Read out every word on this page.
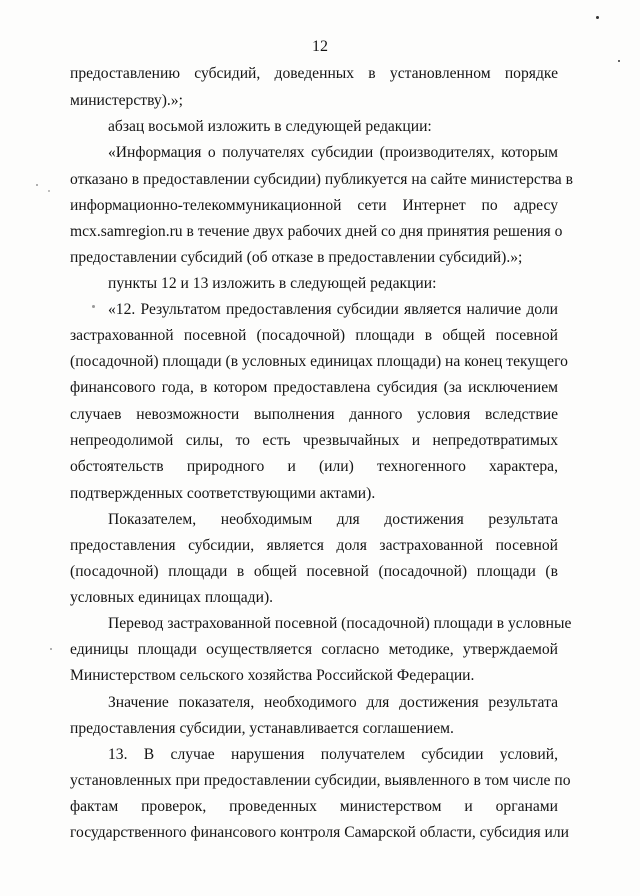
12
предоставлению субсидий, доведенных в установленном порядке
министерству).»;
абзац восьмой изложить в следующей редакции:
«Информация о получателях субсидии (производителях, которым
отказано в предоставлении субсидии) публикуется на сайте министерства в
информационно-телекоммуникационной сети Интернет по адресу
mcx.samregion.ru в течение двух рабочих дней со дня принятия решения о
предоставлении субсидий (об отказе в предоставлении субсидий).»;
пункты 12 и 13 изложить в следующей редакции:
«12. Результатом предоставления субсидии является наличие доли
застрахованной посевной (посадочной) площади в общей посевной
(посадочной) площади (в условных единицах площади) на конец текущего
финансового года, в котором предоставлена субсидия (за исключением
случаев невозможности выполнения данного условия вследствие
непреодолимой силы, то есть чрезвычайных и непредотвратимых
обстоятельств природного и (или) техногенного характера,
подтвержденных соответствующими актами).
Показателем, необходимым для достижения результата
предоставления субсидии, является доля застрахованной посевной
(посадочной) площади в общей посевной (посадочной) площади (в
условных единицах площади).
Перевод застрахованной посевной (посадочной) площади в условные
единицы площади осуществляется согласно методике, утверждаемой
Министерством сельского хозяйства Российской Федерации.
Значение показателя, необходимого для достижения результата
предоставления субсидии, устанавливается соглашением.
13. В случае нарушения получателем субсидии условий,
установленных при предоставлении субсидии, выявленного в том числе по
фактам проверок, проведенных министерством и органами
государственного финансового контроля Самарской области, субсидия или
